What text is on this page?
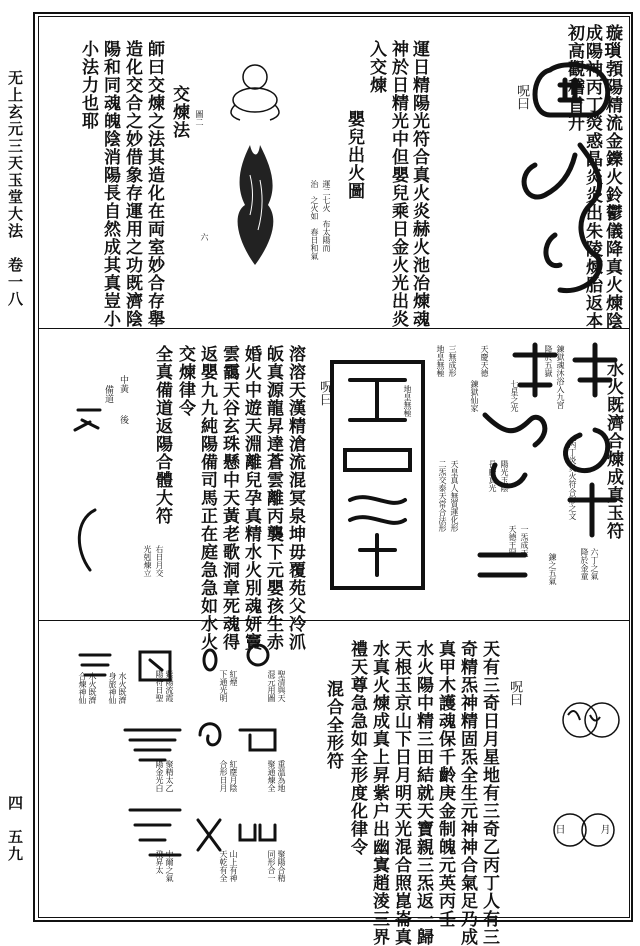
无上玄元三天玉堂大法　卷一八
四　五九
璇𤨏𩓐陽精流金鑠火鈴鬱儀降真火煉陰
成陽神丙丁熒惑晶炎炎出朱陵煉胎返本
初高觀稽首升
呪曰
運日精陽光符合真火炎赫火池冶煉魂
神於日精光中但嬰兒乘日金火光出炎
入交煉
嬰兒出火圖
運二七火　布太陽而
治　之火如　春日和氣
圖二
六
交煉法
師曰交煉之法其造化在両室妙合存舉
造化交合之妙借象存運用之功既濟陰
陽和同魂魄陰消陽長自然成其真豈小
小法力也耶
水火既濟合煉成真玉符
六丁之氣
降於金童
丙丁炎炎火符合形之文
鍊獄魂沐浴入九宮
降於五嶽
鍊之五氣
一炁成天
天德王嗣
七星之光
陽光玉陰
長慶真光
鍊獄仙家
天慶天德
天皇真人無質運化形
二炁交泰天常合法形
三無成形
地皇無極
地皇無極
呪曰
溶溶天漢精滄流混冥泉坤毋覆苑父冷沠
皈真源龍昇達蒼雲離丙襲下元嬰孩生赤
婚火中遊天淵離兒孕真精水火別魂妍竇
雲靄天谷玄珠懸中天黃老歌洞章死魂得
返嬰九九純陽備司馬正在庭急急如水火
交煉律令
右日月交
光剋煉立
全真備道返陽合體大符
中黃
備道
後
日	月
天有三奇日月星地有三奇乙丙丁人有三
奇精炁神精固炁全生元神神合氣足乃成
真甲木護魂保千齡庚金制魄元英丙壬
水火陽中精三田結就天寶親三炁返一歸
天根玉京山下日月明天光混合照崑崙真
水真火煉成真上昇紫户出幽寘趙淩三界
禮天尊急急如全形度化律令
混合全形符	呪曰
聖清與天
混元用圖
重溫為地
聚通煉全
聚陽合精
同形合一
紅煙
下通光明
紅塵月陰
合形日月
山上有神
天乾有全
紫陽流霞
陽符日聖
聚精太乙
陽金光白
中爾之氣
飛昇太
水火既濟
身旅神仙
水火既濟
合煉神仙
